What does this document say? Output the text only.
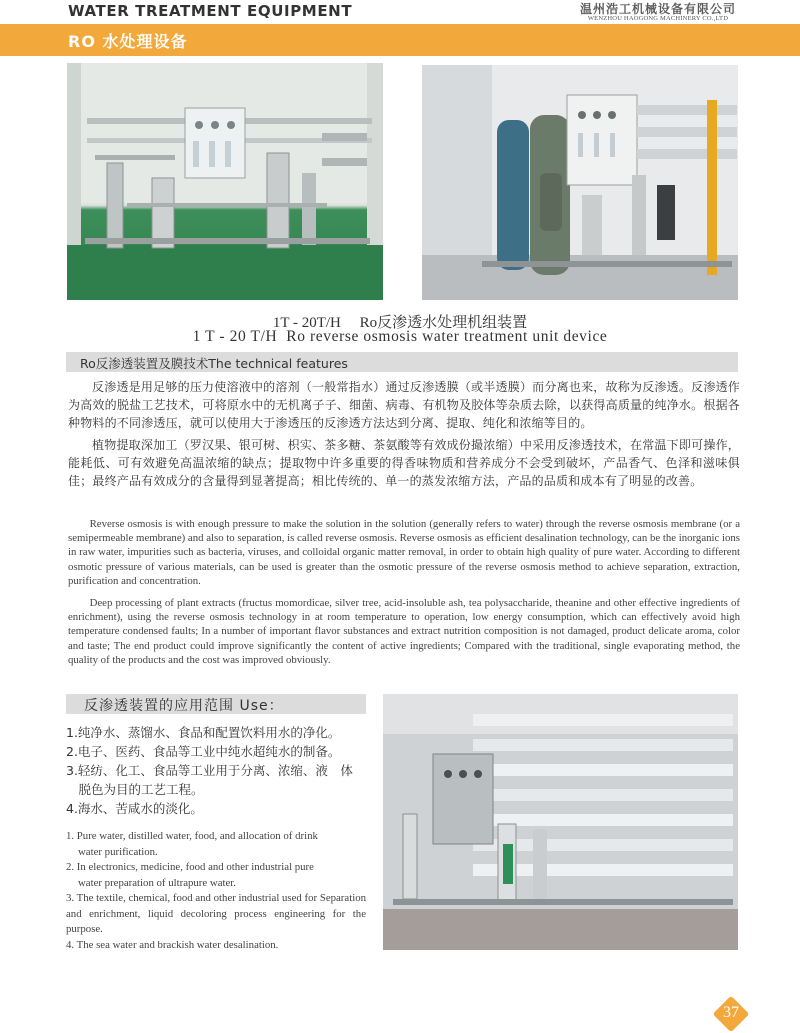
WATER TREATMENT EQUIPMENT	温州浩工机械设备有限公司
WENZHOU HAOGONG MACHINERY CO.,LTD
RO 水处理设备
1T - 20T/H     Ro反渗透水处理机组装置
1 T - 20 T/H  Ro reverse osmosis water treatment unit device
Ro反渗透装置及膜技术The technical features

反渗透是用足够的压力使溶液中的溶剂（一般常指水）通过反渗透膜（或半透膜）而分离也来，故称为反渗透。反渗透作为高效的脱盐工艺技术，可将原水中的无机离子子、细菌、病毒、有机物及胶体等杂质去除，以获得高质量的纯净水。根据各种物料的不同渗透压，就可以使用大于渗透压的反渗透方法达到分离、提取、纯化和浓缩等目的。

植物提取深加工（罗汉果、银可树、枳实、茶多糖、茶氨酸等有效成份撮浓缩）中采用反渗透技术，在常温下即可操作，能耗低、可有效避免高温浓缩的缺点；提取物中许多重要的得香味物质和营养成分不会受到破坏，产品香气、色泽和滋味俱佳；最终产品有效成分的含量得到显著提高；相比传统的、单一的蒸发浓缩方法，产品的品质和成本有了明显的改善。

Reverse osmosis is with enough pressure to make the solution in the solution (generally refers to water) through the reverse osmosis membrane (or a semipermeable membrane) and also to separation, is called reverse osmosis. Reverse osmosis as efficient desalination technology, can be the inorganic ions in raw water, impurities such as bacteria, viruses, and colloidal organic matter removal, in order to obtain high quality of pure water. According to different osmotic pressure of various materials, can be used is greater than the osmotic pressure of the reverse osmosis method to achieve separation, extraction, purification and concentration.

Deep processing of plant extracts (fructus momordicae, silver tree, acid-insoluble ash, tea polysaccharide, theanine and other effective ingredients of enrichment), using the reverse osmosis technology in at room temperature to operation, low energy consumption, which can effectively avoid high temperature condensed faults; In a number of important flavor substances and extract nutrition composition is not damaged, product delicate aroma, color and taste; The end product could improve significantly the content of active ingredients; Compared with the traditional, single evaporating method, the quality of the products and the cost was improved obviously.

反渗透装置的应用范围 Use：
1.纯净水、蒸馏水、食品和配置饮料用水的净化。
2.电子、医药、食品等工业中纯水超纯水的制备。
3.轻纺、化工、食品等工业用于分离、浓缩、液　体
　脱色为目的工艺工程。
4.海水、苦咸水的淡化。
1. Pure water, distilled water, food, and allocation of drink
water purification.
2. In electronics, medicine, food and other industrial pure
water preparation of ultrapure water.
3. The textile, chemical, food and other industrial used for Separation and enrichment, liquid decoloring process engineering for the purpose.
4. The sea water and brackish water desalination.
37
